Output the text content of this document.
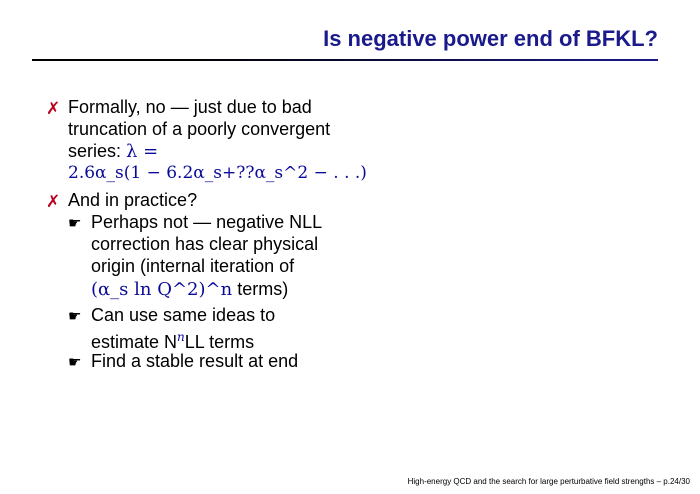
Is negative power end of BFKL?
✗ Formally, no — just due to bad
truncation of a poorly convergent
series: λ =
2.6α_s(1 − 6.2α_s+??α_s^2 − . . .)
✗ And in practice?
☛ Perhaps not — negative NLL
correction has clear physical
origin (internal iteration of
(α_s ln Q^2)^n terms)
☛ Can use same ideas to
estimate $N^nLL$ terms
☛ Find a stable result at end
High-energy QCD and the search for large perturbative field strengths – p.24/30
